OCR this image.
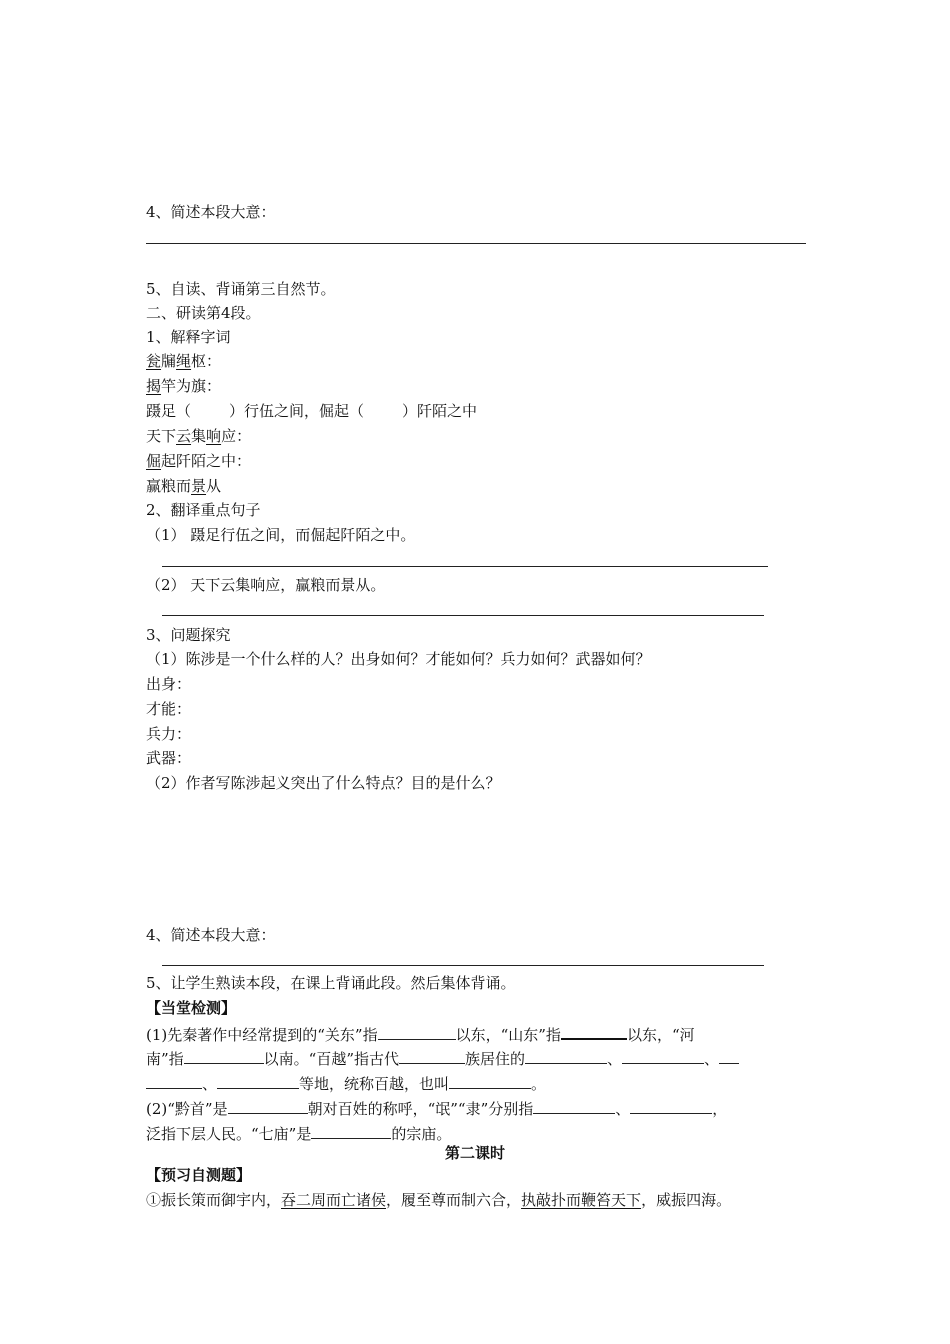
4、简述本段大意：
5、自读、背诵第三自然节。
二、研读第4段。
1、解释字词
瓮牖绳枢：
揭竿为旗：
蹑足（	）行伍之间，倔起（	）阡陌之中
天下云集响应：
倔起阡陌之中：
赢粮而景从
2、翻译重点句子
（1） 蹑足行伍之间，而倔起阡陌之中。
（2） 天下云集响应，赢粮而景从。
3、问题探究
（1）陈涉是一个什么样的人？出身如何？才能如何？兵力如何？武器如何？
出身：
才能：
兵力：
武器：
（2）作者写陈涉起义突出了什么特点？目的是什么？
4、简述本段大意：
5、让学生熟读本段，在课上背诵此段。然后集体背诵。
【当堂检测】
(1)先秦著作中经常提到的“关东”指	以东，“山东”指	以东，“河
南”指	以南。“百越”指古代	族居住的	、	、
、	等地，统称百越，也叫	。
(2)“黔首”是	朝对百姓的称呼，“氓”“隶”分别指	、	，
泛指下层人民。“七庙”是	的宗庙。
第二课时
【预习自测题】
①振长策而御宇内，吞二周而亡诸侯，履至尊而制六合，执敲扑而鞭笞天下，威振四海。
